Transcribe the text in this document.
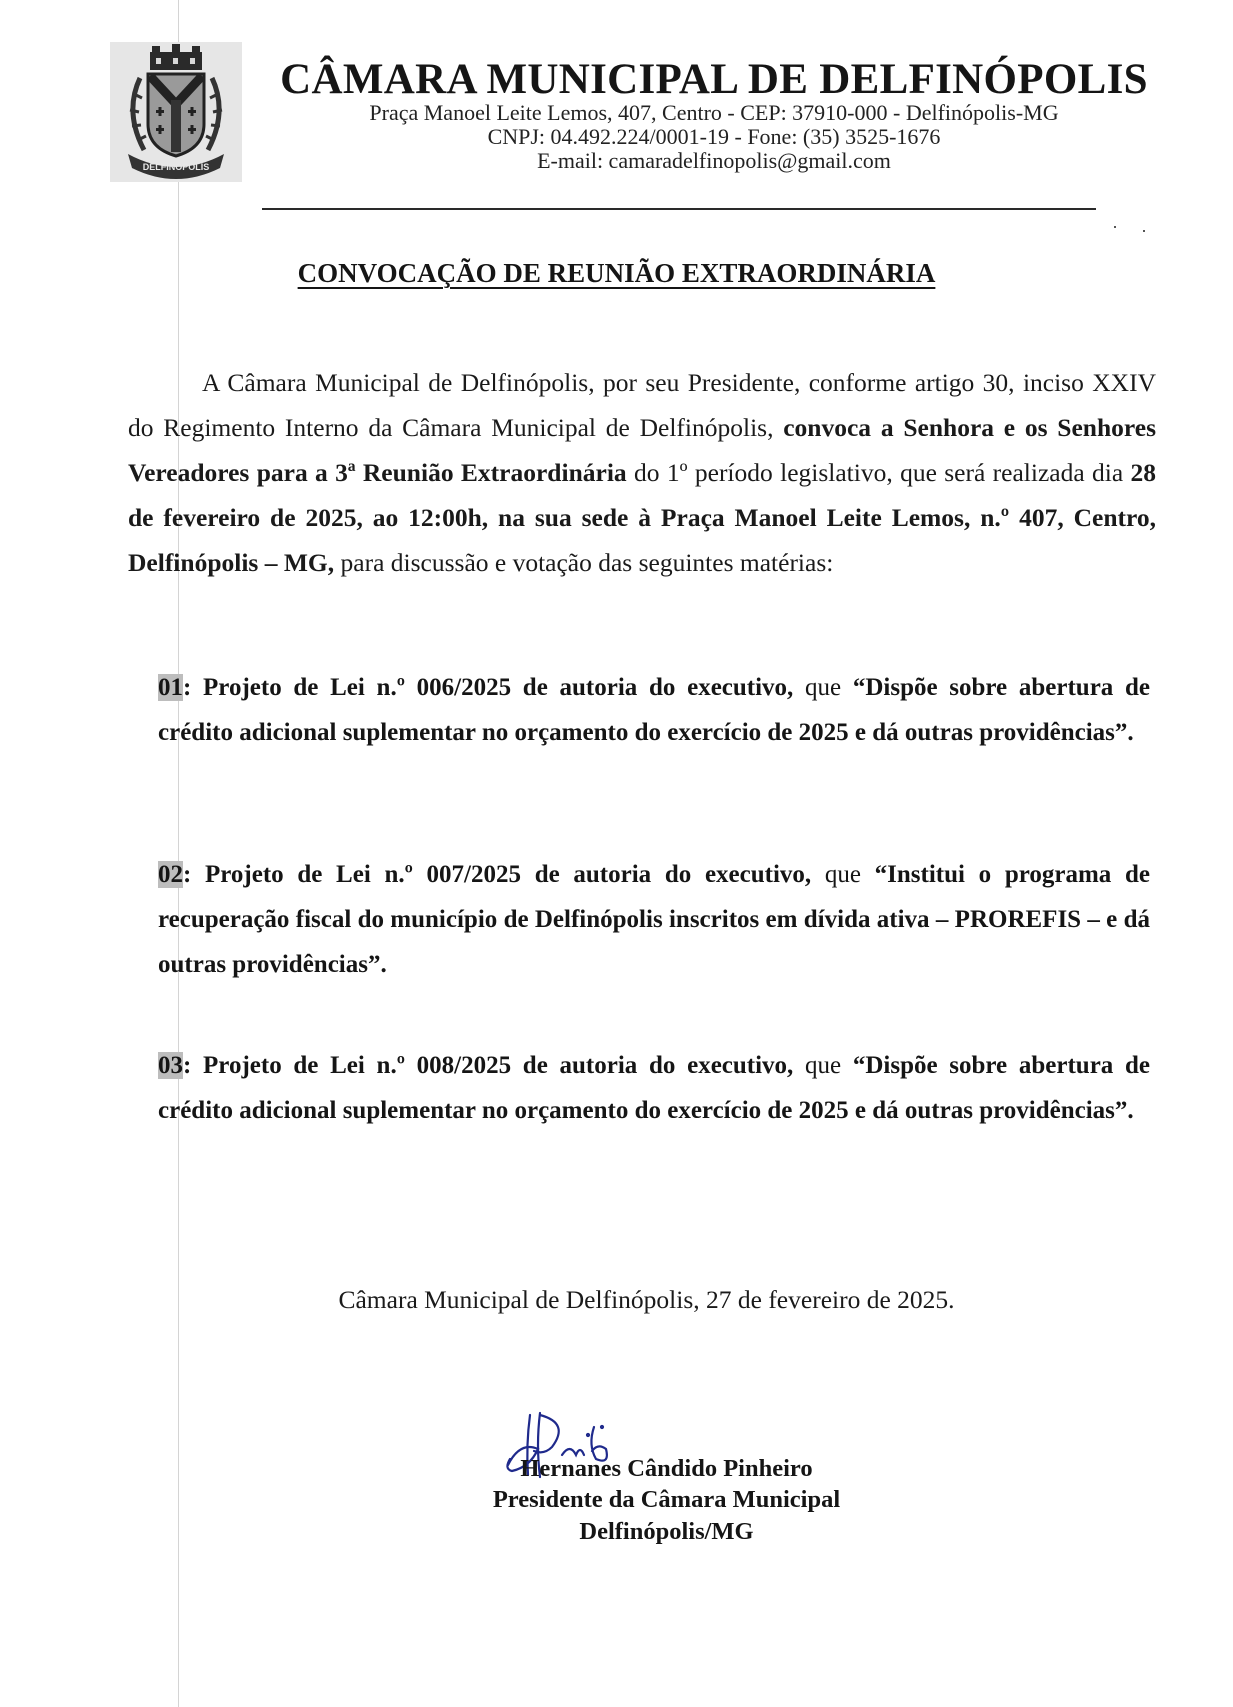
DELFINOPOLIS
CÂMARA MUNICIPAL DE DELFINÓPOLIS
Praça Manoel Leite Lemos, 407, Centro - CEP: 37910-000 - Delfinópolis-MG
CNPJ: 04.492.224/0001-19 - Fone: (35) 3525-1676
E-mail: camaradelfinopolis@gmail.com
CONVOCAÇÃO DE REUNIÃO EXTRAORDINÁRIA
A Câmara Municipal de Delfinópolis, por seu Presidente, conforme artigo 30, inciso XXIV do Regimento Interno da Câmara Municipal de Delfinópolis, convoca a Senhora e os Senhores Vereadores para a 3ª Reunião Extraordinária do 1º período legislativo, que será realizada dia 28 de fevereiro de 2025, ao 12:00h, na sua sede à Praça Manoel Leite Lemos, n.º 407, Centro, Delfinópolis – MG, para discussão e votação das seguintes matérias:
01: Projeto de Lei n.º 006/2025 de autoria do executivo, que “Dispõe sobre abertura de crédito adicional suplementar no orçamento do exercício de 2025 e dá outras providências”.
02: Projeto de Lei n.º 007/2025 de autoria do executivo, que “Institui o programa de recuperação fiscal do município de Delfinópolis inscritos em dívida ativa – PROREFIS – e dá outras providências”.
03: Projeto de Lei n.º 008/2025 de autoria do executivo, que “Dispõe sobre abertura de crédito adicional suplementar no orçamento do exercício de 2025 e dá outras providências”.
Câmara Municipal de Delfinópolis, 27 de fevereiro de 2025.
Hernanes Cândido Pinheiro
Presidente da Câmara Municipal
Delfinópolis/MG
